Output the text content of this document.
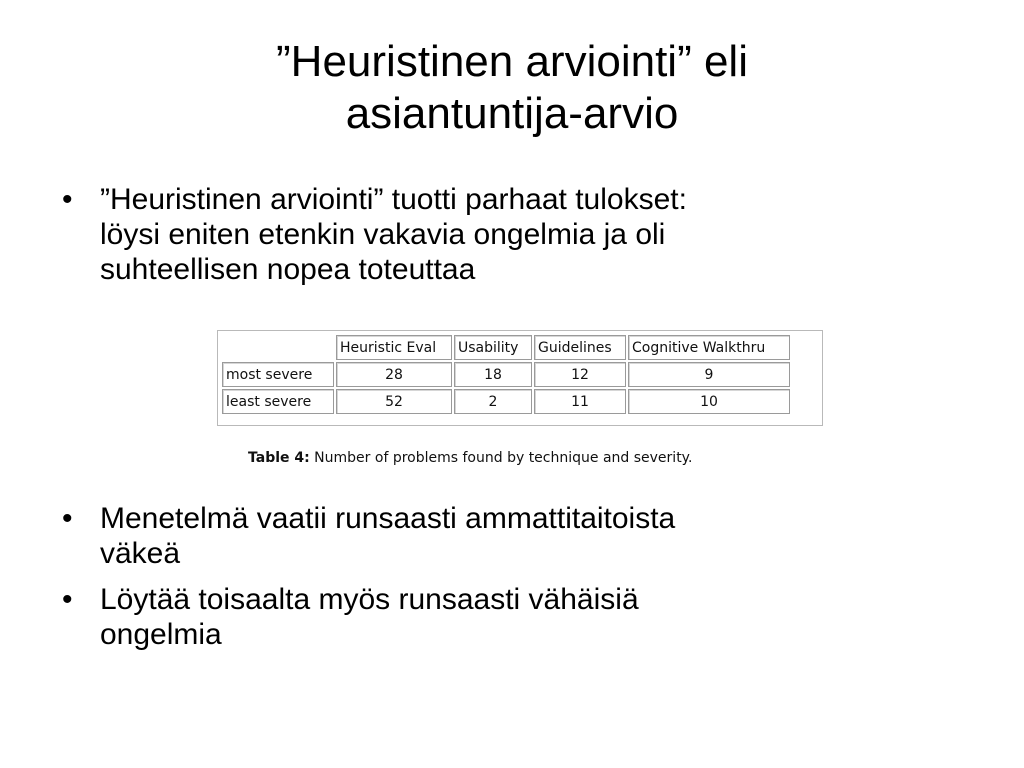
”Heuristinen arviointi” eli
asiantuntija-arvio
• ”Heuristinen arviointi” tuotti parhaat tulokset:
löysi eniten etenkin vakavia ongelmia ja oli
suhteellisen nopea toteuttaa
	Heuristic Eval	Usability	Guidelines	Cognitive Walkthru
most severe	28	18	12	9
least severe	52	2	11	10
Table 4: Number of problems found by technique and severity.
• Menetelmä vaatii runsaasti ammattitaitoista
väkeä
• Löytää toisaalta myös runsaasti vähäisiä
ongelmia
